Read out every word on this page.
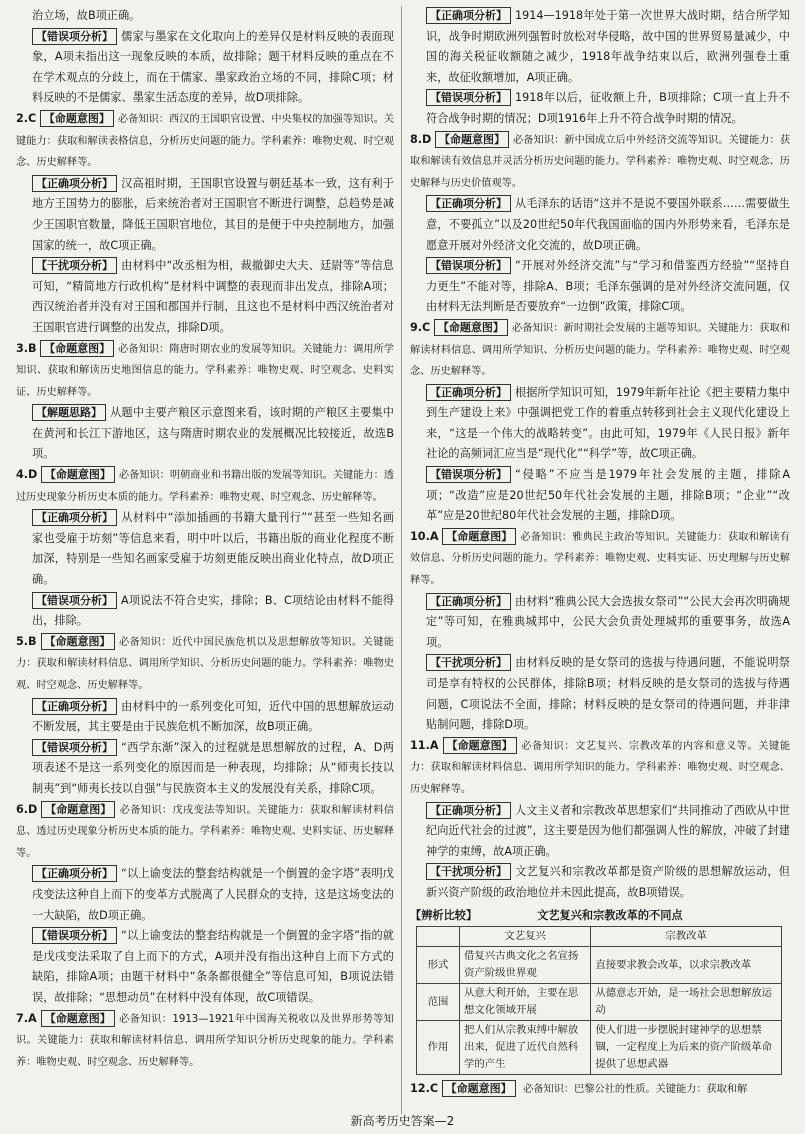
治立场，故B项正确。

【错误项分析】 儒家与墨家在文化取向上的差异仅是材料反映的表面现象，A项未指出这一现象反映的本质，故排除；题干材料反映的重点在不在学术观点的分歧上，而在于儒家、墨家政治立场的不同，排除C项；材料反映的不是儒家、墨家生活态度的差异，故D项排除。

2.C 【命题意图】 必备知识：西汉的王国职官设置、中央集权的加强等知识。关键能力：获取和解读表格信息，分析历史问题的能力。学科素养：唯物史观、时空观念、历史解释等。

【正确项分析】 汉高祖时期，王国职官设置与朝廷基本一致，这有利于地方王国势力的膨胀，后来统治者对王国职官不断进行调整，总趋势是减少王国职官数量，降低王国职官地位，其目的是便于中央控制地方，加强国家的统一，故C项正确。

【干扰项分析】 由材料中“改丞相为相，裁撤御史大夫、廷尉等”等信息可知，“精简地方行政机构”是材料中调整的表现而非出发点，排除A项；西汉统治者并没有对王国和郡国并行制，且这也不是材料中西汉统治者对王国职官进行调整的出发点，排除D项。

3.B 【命题意图】 必备知识：隋唐时期农业的发展等知识。关键能力：调用所学知识、获取和解读历史地图信息的能力。学科素养：唯物史观、时空观念、史料实证、历史解释等。

【解题思路】 从题中主要产粮区示意图来看，该时期的产粮区主要集中在黄河和长江下游地区，这与隋唐时期农业的发展概况比较接近，故选B项。

4.D 【命题意图】 必备知识：明朝商业和书籍出版的发展等知识。关键能力：透过历史现象分析历史本质的能力。学科素养：唯物史观、时空观念、历史解释等。

【正确项分析】 从材料中“添加插画的书籍大量刊行”“甚至一些知名画家也受雇于坊刻”等信息来看，明中叶以后，书籍出版的商业化程度不断加深，特别是一些知名画家受雇于坊刻更能反映出商业化特点，故D项正确。

【错误项分析】 A项说法不符合史实，排除；B、C项结论由材料不能得出，排除。

5.B 【命题意图】 必备知识：近代中国民族危机以及思想解放等知识。关键能力：获取和解读材料信息、调用所学知识、分析历史问题的能力。学科素养：唯物史观、时空观念、历史解释等。

【正确项分析】 由材料中的一系列变化可知，近代中国的思想解放运动不断发展，其主要是由于民族危机不断加深，故B项正确。

【错误项分析】 “西学东渐”深入的过程就是思想解放的过程，A、D两项表述不是这一系列变化的原因而是一种表现，均排除；从“师夷长技以制夷”到“师夷长技以自强”与民族资本主义的发展没有关系，排除C项。

6.D 【命题意图】 必备知识：戊戌变法等知识。关键能力：获取和解读材料信息、透过历史现象分析历史本质的能力。学科素养：唯物史观、史料实证、历史解释等。

【正确项分析】 “以上谕变法的整套结构就是一个倒置的金字塔”表明戊戌变法这种自上而下的变革方式脱离了人民群众的支持，这是这场变法的一大缺陷，故D项正确。

【错误项分析】 “以上谕变法的整套结构就是一个倒置的金字塔”指的就是戊戌变法采取了自上而下的方式，A项并没有指出这种自上而下方式的缺陷，排除A项；由题干材料中“条条都很健全”等信息可知，B项说法错误，故排除；“思想动员”在材料中没有体现，故C项错误。

7.A 【命题意图】 必备知识：1913—1921年中国海关税收以及世界形势等知识。关键能力：获取和解读材料信息、调用所学知识分析历史现象的能力。学科素养：唯物史观、时空观念、历史解释等。

【正确项分析】 1914—1918年处于第一次世界大战时期，结合所学知识，战争时期欧洲列强暂时放松对华侵略，故中国的世界贸易量减少，中国的海关税征收额随之减少，1918年战争结束以后，欧洲列强卷土重来，故征收额增加，A项正确。

【错误项分析】 1918年以后，征收额上升，B项排除；C项一直上升不符合战争时期的情况；D项1916年上升不符合战争时期的情况。

8.D 【命题意图】 必备知识：新中国成立后中外经济交流等知识。关键能力：获取和解读有效信息并灵活分析历史问题的能力。学科素养：唯物史观、时空观念、历史解释与历史价值观等。

【正确项分析】 从毛泽东的话语“这并不是说不要国外联系……需要做生意，不要孤立”以及20世纪50年代我国面临的国内外形势来看，毛泽东是愿意开展对外经济文化交流的，故D项正确。

【错误项分析】 “开展对外经济交流”与“学习和借鉴西方经验”“坚持自力更生”不能对等，排除A、B项；毛泽东强调的是对外经济交流问题，仅由材料无法判断是否要放弃“一边倒”政策，排除C项。

9.C 【命题意图】 必备知识：新时期社会发展的主题等知识。关键能力：获取和解读材料信息、调用所学知识、分析历史问题的能力。学科素养：唯物史观、时空观念、历史解释等。

【正确项分析】 根据所学知识可知，1979年新年社论《把主要精力集中到生产建设上来》中强调把党工作的着重点转移到社会主义现代化建设上来，“这是一个伟大的战略转变”。由此可知，1979年《人民日报》新年社论的高频词汇应当是“现代化”“科学”等，故C项正确。

【错误项分析】 “侵略”不应当是1979年社会发展的主题，排除A项；“改造”应是20世纪50年代社会发展的主题，排除B项；“企业”“改革”应是20世纪80年代社会发展的主题，排除D项。

10.A 【命题意图】 必备知识：雅典民主政治等知识。关键能力：获取和解读有效信息、分析历史问题的能力。学科素养：唯物史观、史料实证、历史理解与历史解释等。

【正确项分析】 由材料“雅典公民大会选拔女祭司”“公民大会再次明确规定”等可知，在雅典城邦中，公民大会负责处理城邦的重要事务，故选A项。

【干扰项分析】 由材料反映的是女祭司的选拔与待遇问题，不能说明祭司是享有特权的公民群体，排除B项；材料反映的是女祭司的选拔与待遇问题，C项说法不全面，排除；材料反映的是女祭司的待遇问题，并非津贴制问题，排除D项。

11.A 【命题意图】 必备知识：文艺复兴、宗教改革的内容和意义等。关键能力：获取和解读材料信息、调用所学知识的能力。学科素养：唯物史观、时空观念、历史解释等。

【正确项分析】 人文主义者和宗教改革思想家们“共同推动了西欧从中世纪向近代社会的过渡”，这主要是因为他们都强调人性的解放，冲破了封建神学的束缚，故A项正确。

【干扰项分析】 文艺复兴和宗教改革都是资产阶级的思想解放运动，但新兴资产阶级的政治地位并未因此提高，故B项错误。

【辨析比较】	文艺复兴和宗教改革的不同点

	文艺复兴	宗教改革
形式	借复兴古典文化之名宣扬资产阶级世界观	直接要求教会改革，以求宗教改革
范围	从意大利开始，主要在思想文化领域开展	从德意志开始，是一场社会思想解放运动
作用	把人们从宗教束缚中解放出来，促进了近代自然科学的产生	使人们进一步摆脱封建神学的思想禁锢，一定程度上为后来的资产阶级革命提供了思想武器

12.C 【命题意图】 必备知识：巴黎公社的性质。关键能力：获取和解

新高考历史答案—2
